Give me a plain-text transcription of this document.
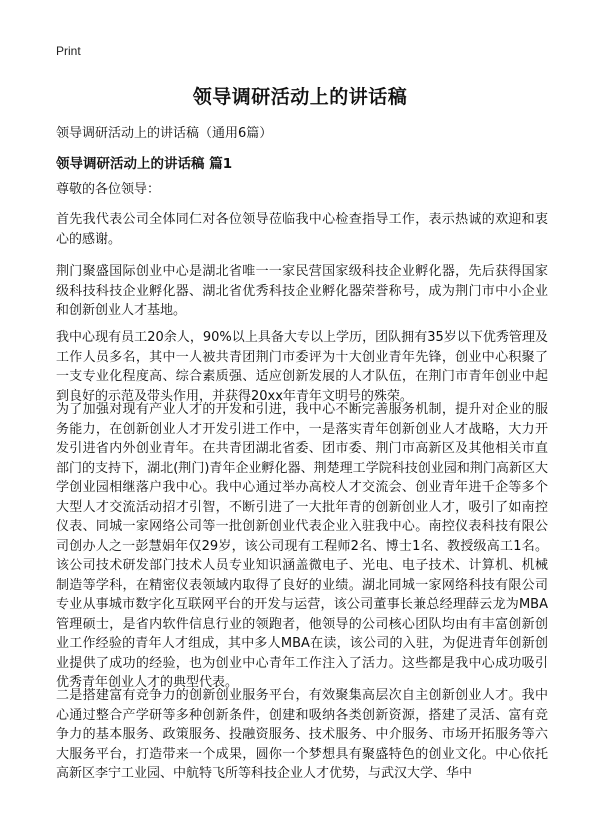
Print
领导调研活动上的讲话稿
领导调研活动上的讲话稿（通用6篇）
领导调研活动上的讲话稿 篇1
尊敬的各位领导：
首先我代表公司全体同仁对各位领导莅临我中心检查指导工作，表示热诚的欢迎和衷心的感谢。
荆门聚盛国际创业中心是湖北省唯一一家民营国家级科技企业孵化器，先后获得国家级科技科技企业孵化器、湖北省优秀科技企业孵化器荣誉称号，成为荆门市中小企业和创新创业人才基地。
我中心现有员工20余人，90%以上具备大专以上学历，团队拥有35岁以下优秀管理及工作人员多名，其中一人被共青团荆门市委评为十大创业青年先锋，创业中心积聚了一支专业化程度高、综合素质强、适应创新发展的人才队伍，在荆门市青年创业中起到良好的示范及带头作用，并获得20xx年青年文明号的殊荣。
为了加强对现有产业人才的开发和引进，我中心不断完善服务机制，提升对企业的服务能力，在创新创业人才开发引进工作中，一是落实青年创新创业人才战略，大力开发引进省内外创业青年。在共青团湖北省委、团市委、荆门市高新区及其他相关市直部门的支持下，湖北(荆门)青年企业孵化器、荆楚理工学院科技创业园和荆门高新区大学创业园相继落户我中心。我中心通过举办高校人才交流会、创业青年进千企等多个大型人才交流活动招才引智，不断引进了一大批年青的创新创业人才，吸引了如南控仪表、同城一家网络公司等一批创新创业代表企业入驻我中心。南控仪表科技有限公司创办人之一彭慧娟年仅29岁，该公司现有工程师2名、博士1名、教授级高工1名。该公司技术研发部门技术人员专业知识涵盖微电子、光电、电子技术、计算机、机械制造等学科，在精密仪表领域内取得了良好的业绩。湖北同城一家网络科技有限公司专业从事城市数字化互联网平台的开发与运营，该公司董事长兼总经理薛云龙为MBA管理硕士，是省内软件信息行业的领跑者，他领导的公司核心团队均由有丰富创新创业工作经验的青年人才组成，其中多人MBA在读，该公司的入驻，为促进青年创新创业提供了成功的经验，也为创业中心青年工作注入了活力。这些都是我中心成功吸引优秀青年创业人才的典型代表。
二是搭建富有竞争力的创新创业服务平台，有效聚集高层次自主创新创业人才。我中心通过整合产学研等多种创新条件，创建和吸纳各类创新资源，搭建了灵活、富有竞争力的基本服务、政策服务、投融资服务、技术服务、中介服务、市场开拓服务等六大服务平台，打造带来一个成果，圆你一个梦想具有聚盛特色的创业文化。中心依托高新区李宁工业园、中航特飞所等科技企业人才优势，与武汉大学、华中
